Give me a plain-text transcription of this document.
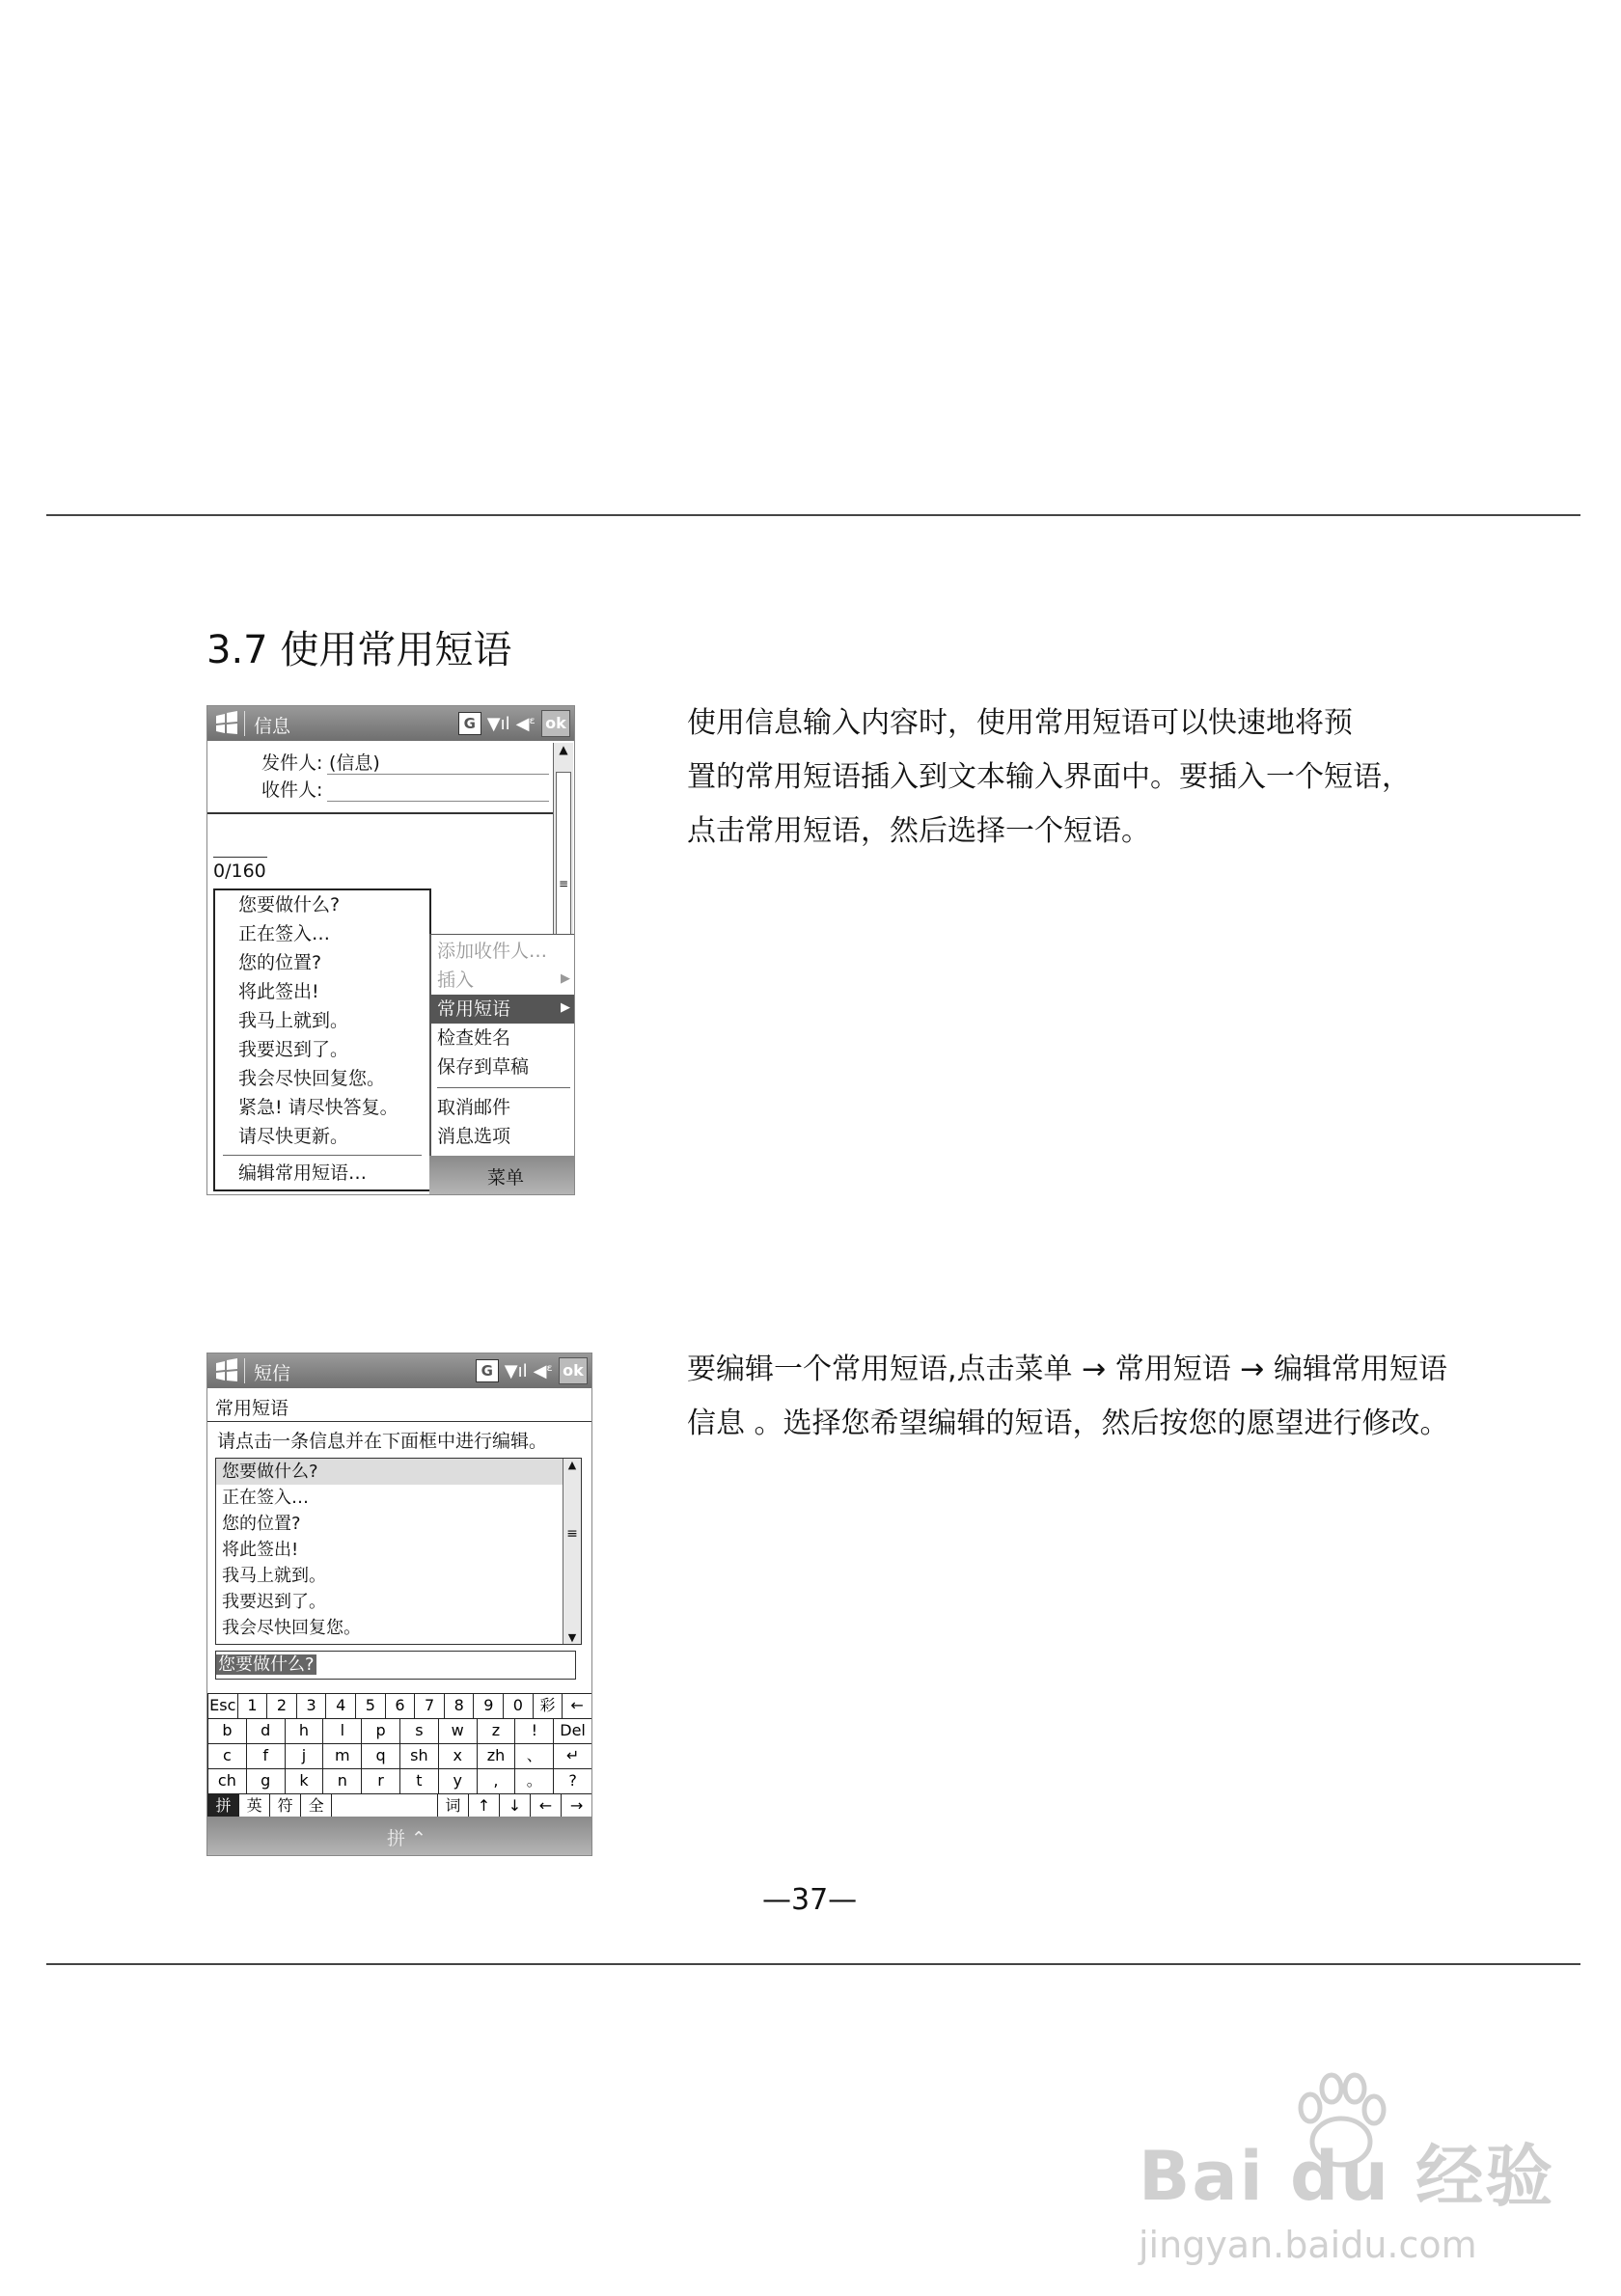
3.7 使用常用短语
使用信息输入内容时，使用常用短语可以快速地将预
置的常用短语插入到文本输入界面中。要插入一个短语，
点击常用短语，然后选择一个短语。
要编辑一个常用短语,点击菜单 → 常用短语 → 编辑常用短语
信息 。选择您希望编辑的短语，然后按您的愿望进行修改。
信息	G ▼ıl ◀ᵋ ok
发件人: (信息)
收件人:
0/160
▲
≡
您要做什么?
正在签入…
您的位置?
将此签出!
我马上就到。
我要迟到了。
我会尽快回复您。
紧急! 请尽快答复。
请尽快更新。
编辑常用短语…
添加收件人…
插入	▶
常用短语	▶
检查姓名
保存到草稿
取消邮件
消息选项
菜单
短信	G ▼ıl ◀ᵋ ok
常用短语
请点击一条信息并在下面框中进行编辑。
您要做什么?
正在签入…
您的位置?
将此签出!
我马上就到。
我要迟到了。
我会尽快回复您。
▲
≡
▼
您要做什么?
Esc 1	2	3	4	5	6	7	8	9	0	彩 ←
b	d	h	l	p	s	w	z	!	Del
c	f	j	m	q	sh	x	zh	、	↵
ch	g	k	n	r	t	y	,	。	?
拼	英	符	全	词	↑	↓	←	→
拼 ⌃
—37—
Bai du 经验
jingyan.baidu.com
